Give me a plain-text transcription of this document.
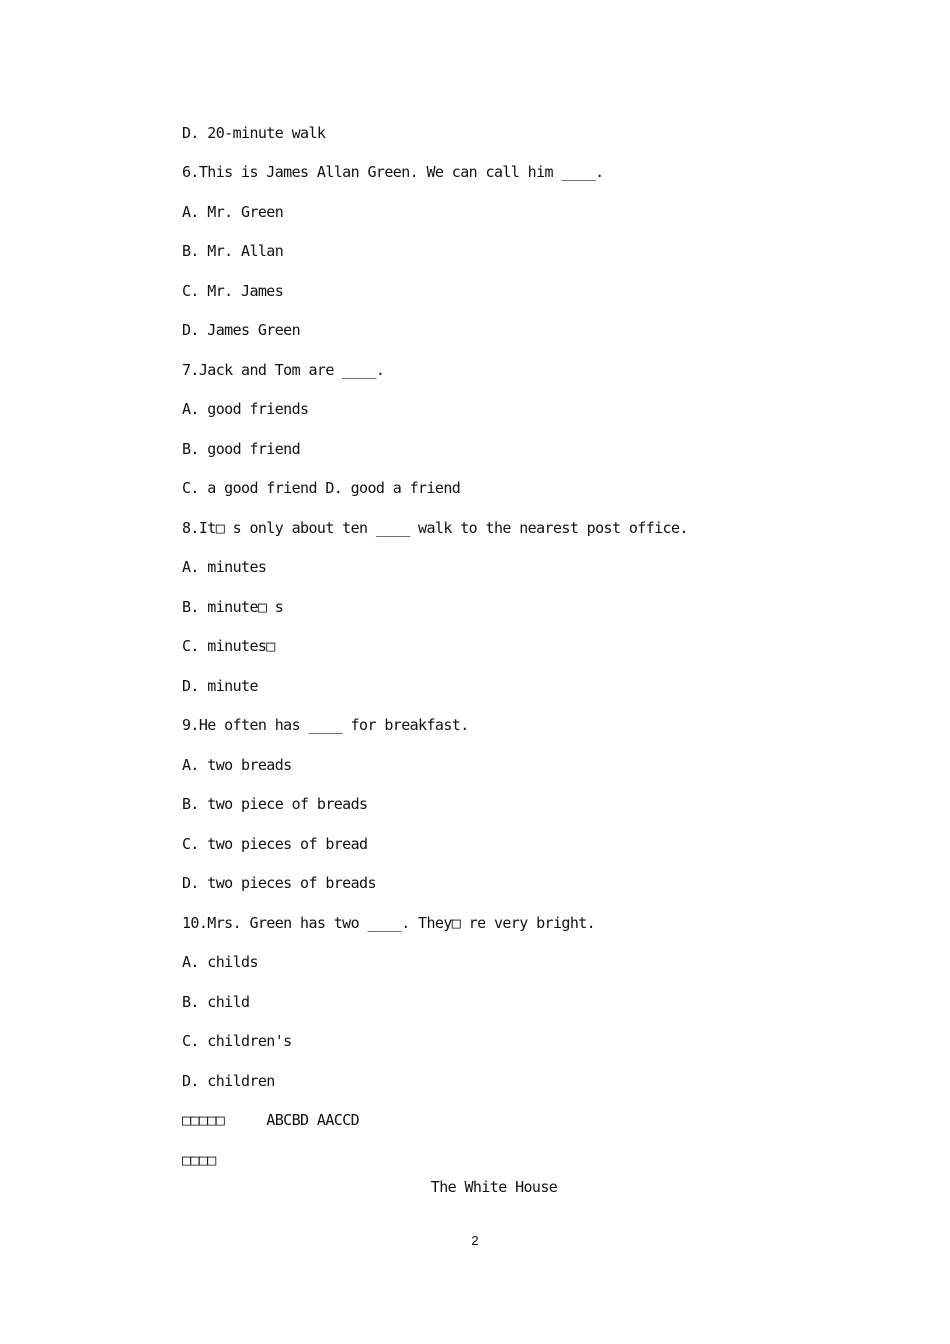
D. 20-minute walk
6.This is James Allan Green. We can call him ____.
A. Mr. Green
B. Mr. Allan
C. Mr. James
D. James Green
7.Jack and Tom are ____.
A. good friends
B. good friend
C. a good friend D. good a friend
8.It□ s only about ten ____ walk to the nearest post office.
A. minutes
B. minute□ s
C. minutes□
D. minute
9.He often has ____ for breakfast.
A. two breads
B. two piece of breads
C. two pieces of bread
D. two pieces of breads
10.Mrs. Green has two ____. They□ re very bright.
A. childs
B. child
C. children's
D. children
□□□□□     ABCBD AACCD
□□□□
The White House
2
